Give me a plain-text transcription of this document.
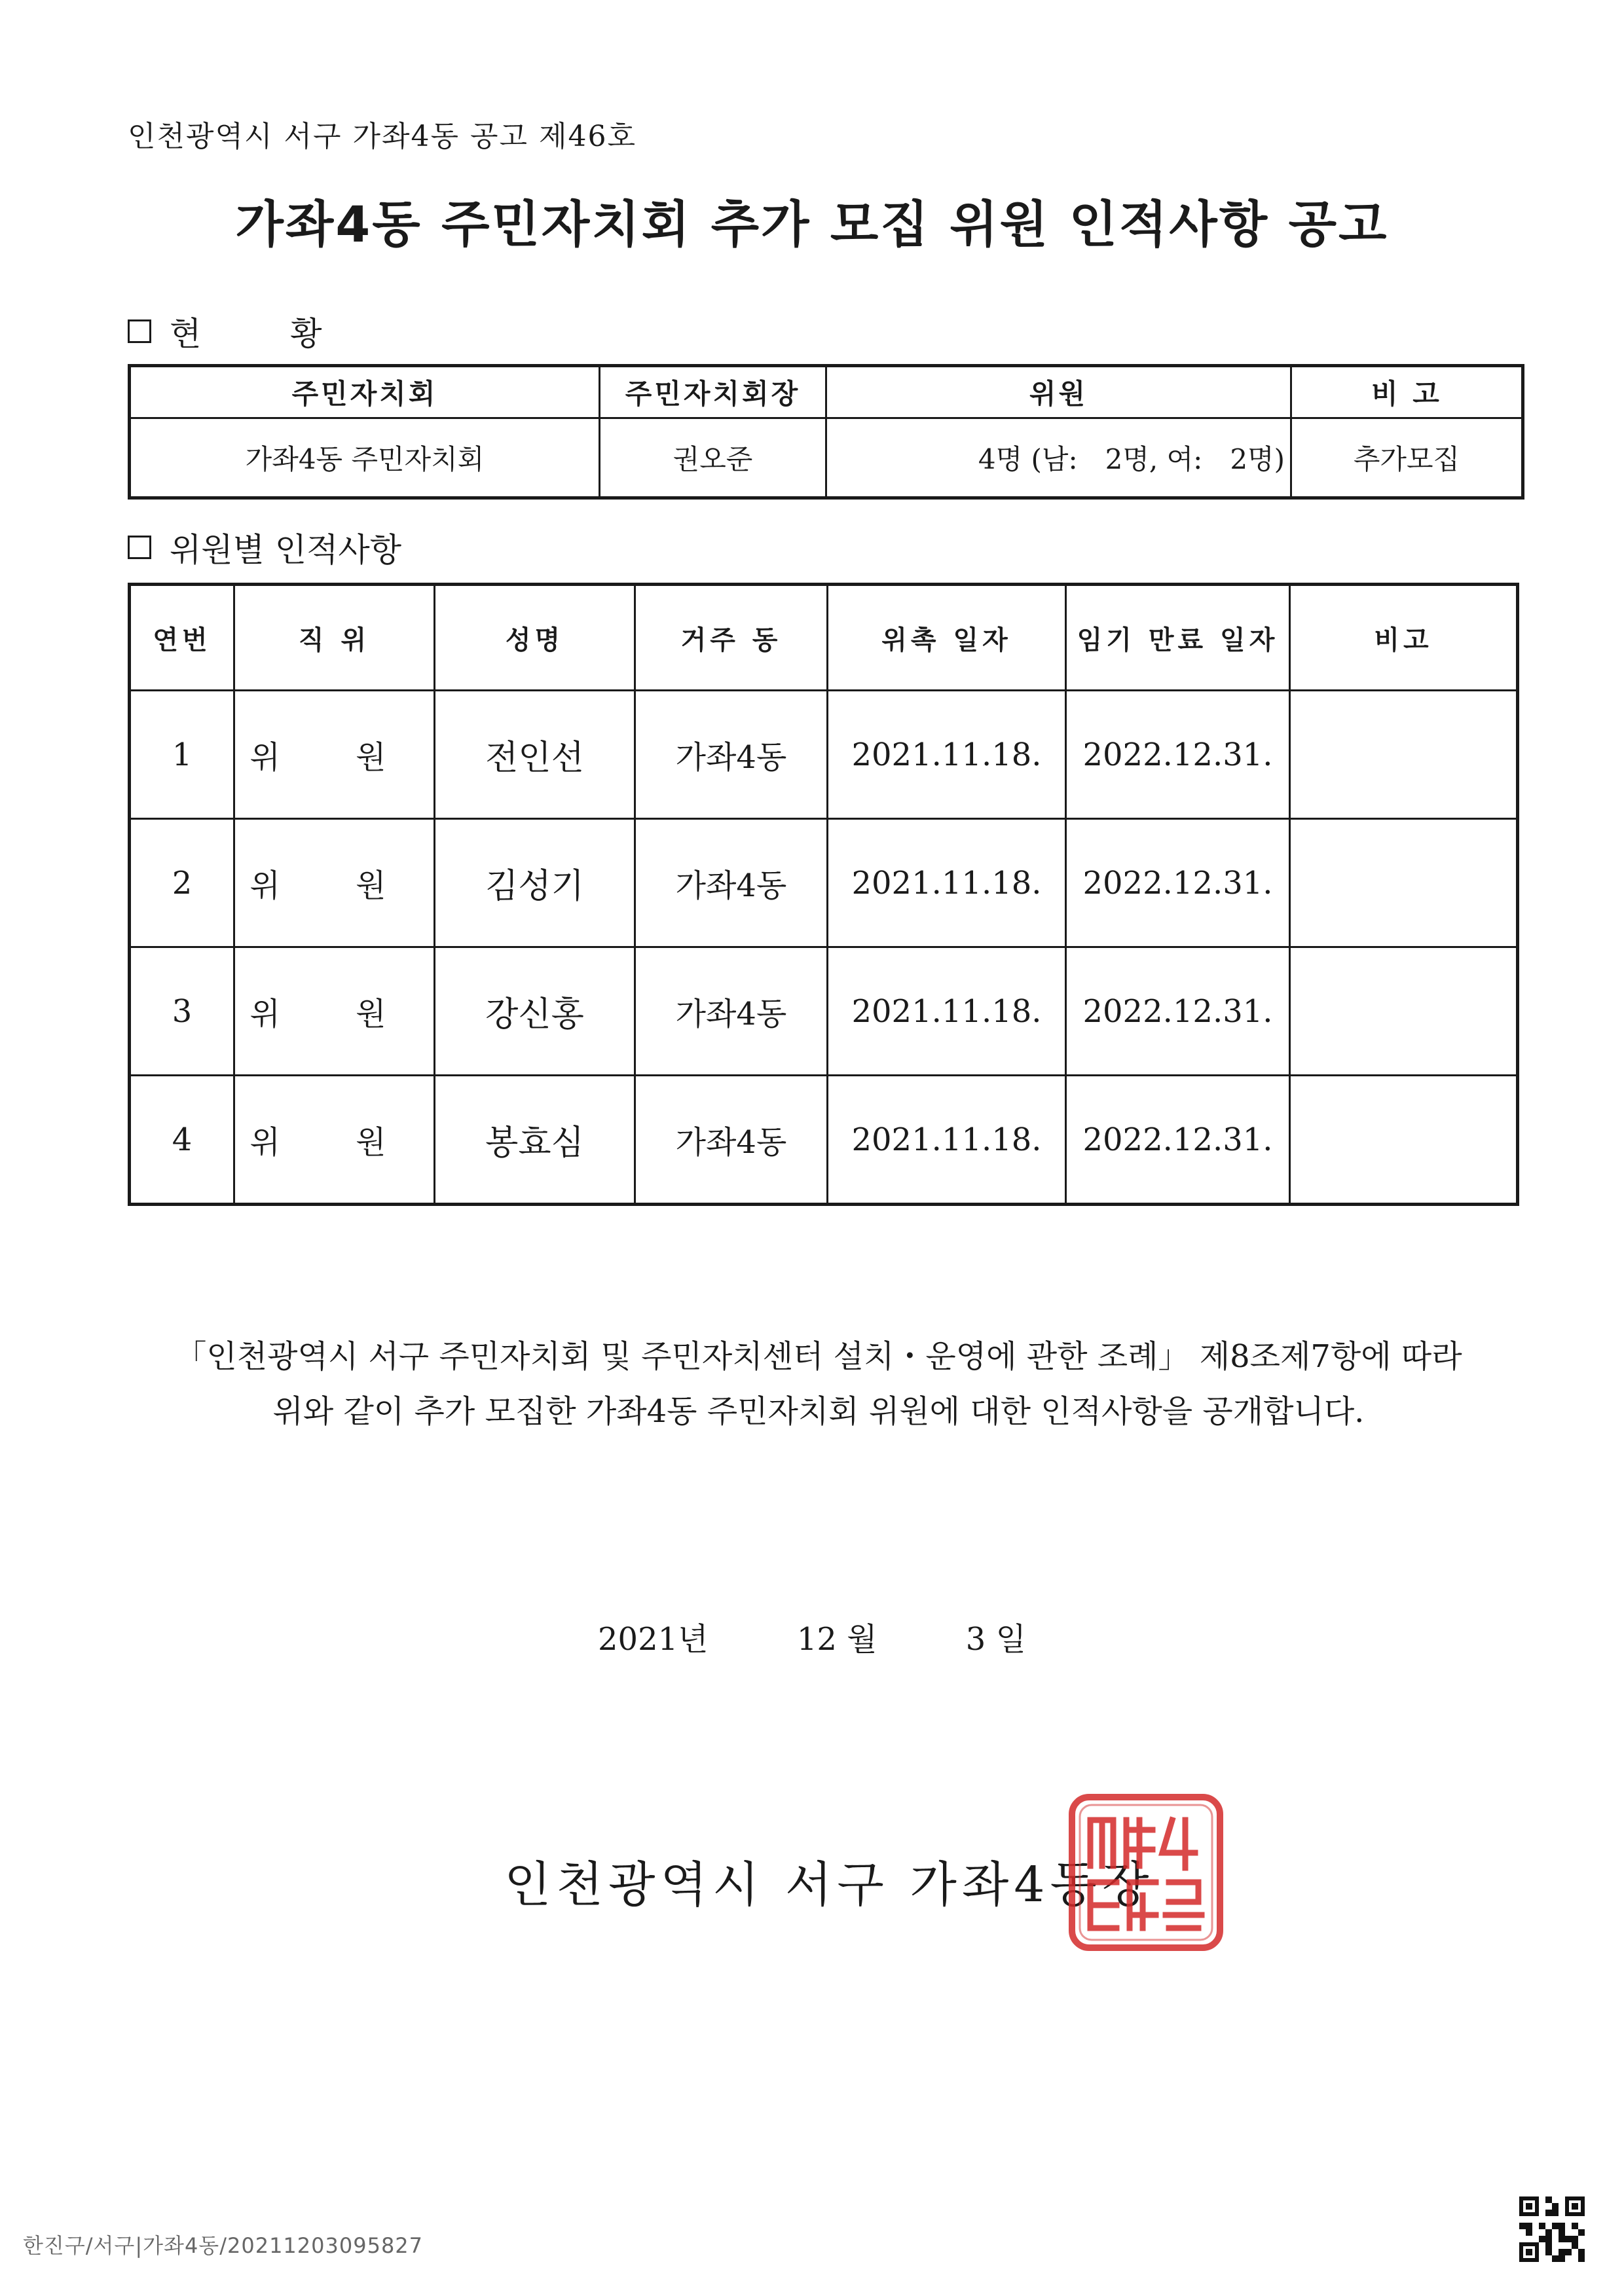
인천광역시 서구 가좌4동 공고 제46호
가좌4동 주민자치회 추가 모집 위원 인적사항 공고
현 황
주민자치회	주민자치회장	위원	비 고
가좌4동 주민자치회	권오준	4명 (남:　2명, 여:　2명)	추가모집
위원별 인적사항
연번	직 위	성명	거주 동	위촉 일자	임기 만료 일자	비고
1	위 원	전인선	가좌4동	2021.11.18.	2022.12.31.	
2	위 원	김성기	가좌4동	2021.11.18.	2022.12.31.	
3	위 원	강신홍	가좌4동	2021.11.18.	2022.12.31.	
4	위 원	봉효심	가좌4동	2021.11.18.	2022.12.31.	
「인천광역시 서구 주민자치회 및 주민자치센터 설치・운영에 관한 조례」 제8조제7항에 따라
위와 같이 추가 모집한 가좌4동 주민자치회 위원에 대한 인적사항을 공개합니다.
2021년	12 월	3 일
인천광역시 서구 가좌4동장
한진구/서구|가좌4동/20211203095827
